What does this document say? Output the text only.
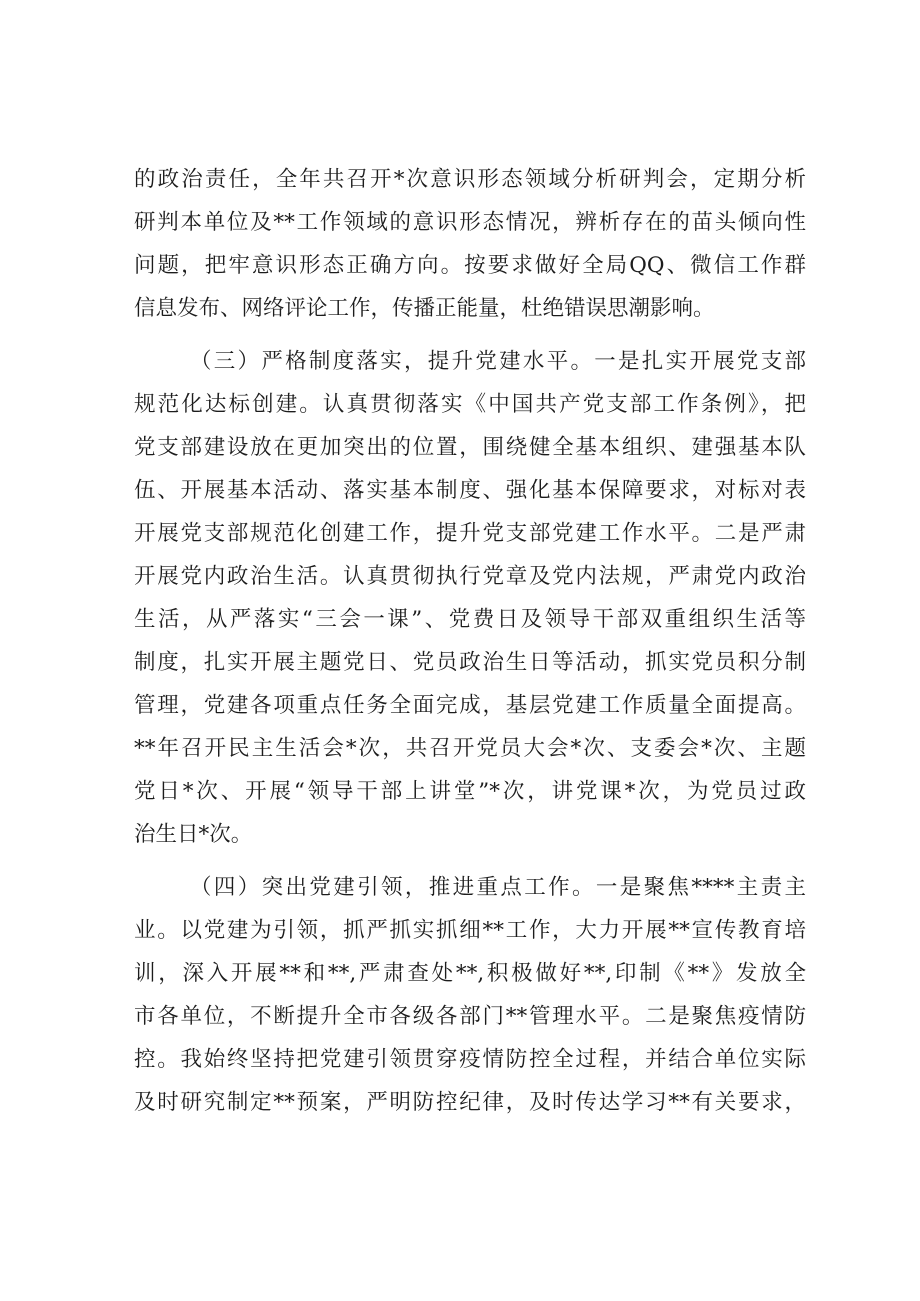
的政治责任，全年共召开*次意识形态领域分析研判会，定期分析
研判本单位及**工作领域的意识形态情况，辨析存在的苗头倾向性
问题，把牢意识形态正确方向。按要求做好全局QQ、微信工作群
信息发布、网络评论工作，传播正能量，杜绝错误思潮影响。
（三）严格制度落实，提升党建水平。一是扎实开展党支部
规范化达标创建。认真贯彻落实《中国共产党支部工作条例》，把
党支部建设放在更加突出的位置，围绕健全基本组织、建强基本队
伍、开展基本活动、落实基本制度、强化基本保障要求，对标对表
开展党支部规范化创建工作，提升党支部党建工作水平。二是严肃
开展党内政治生活。认真贯彻执行党章及党内法规，严肃党内政治
生活，从严落实“三会一课”、党费日及领导干部双重组织生活等
制度，扎实开展主题党日、党员政治生日等活动，抓实党员积分制
管理，党建各项重点任务全面完成，基层党建工作质量全面提高。
**年召开民主生活会*次，共召开党员大会*次、支委会*次、主题
党日*次、开展“领导干部上讲堂”*次，讲党课*次，为党员过政
治生日*次。
（四）突出党建引领，推进重点工作。一是聚焦****主责主
业。以党建为引领，抓严抓实抓细**工作，大力开展**宣传教育培
训，深入开展**和**,严肃查处**,积极做好**,印制《**》发放全
市各单位，不断提升全市各级各部门**管理水平。二是聚焦疫情防
控。我始终坚持把党建引领贯穿疫情防控全过程，并结合单位实际
及时研究制定**预案，严明防控纪律，及时传达学习**有关要求，
